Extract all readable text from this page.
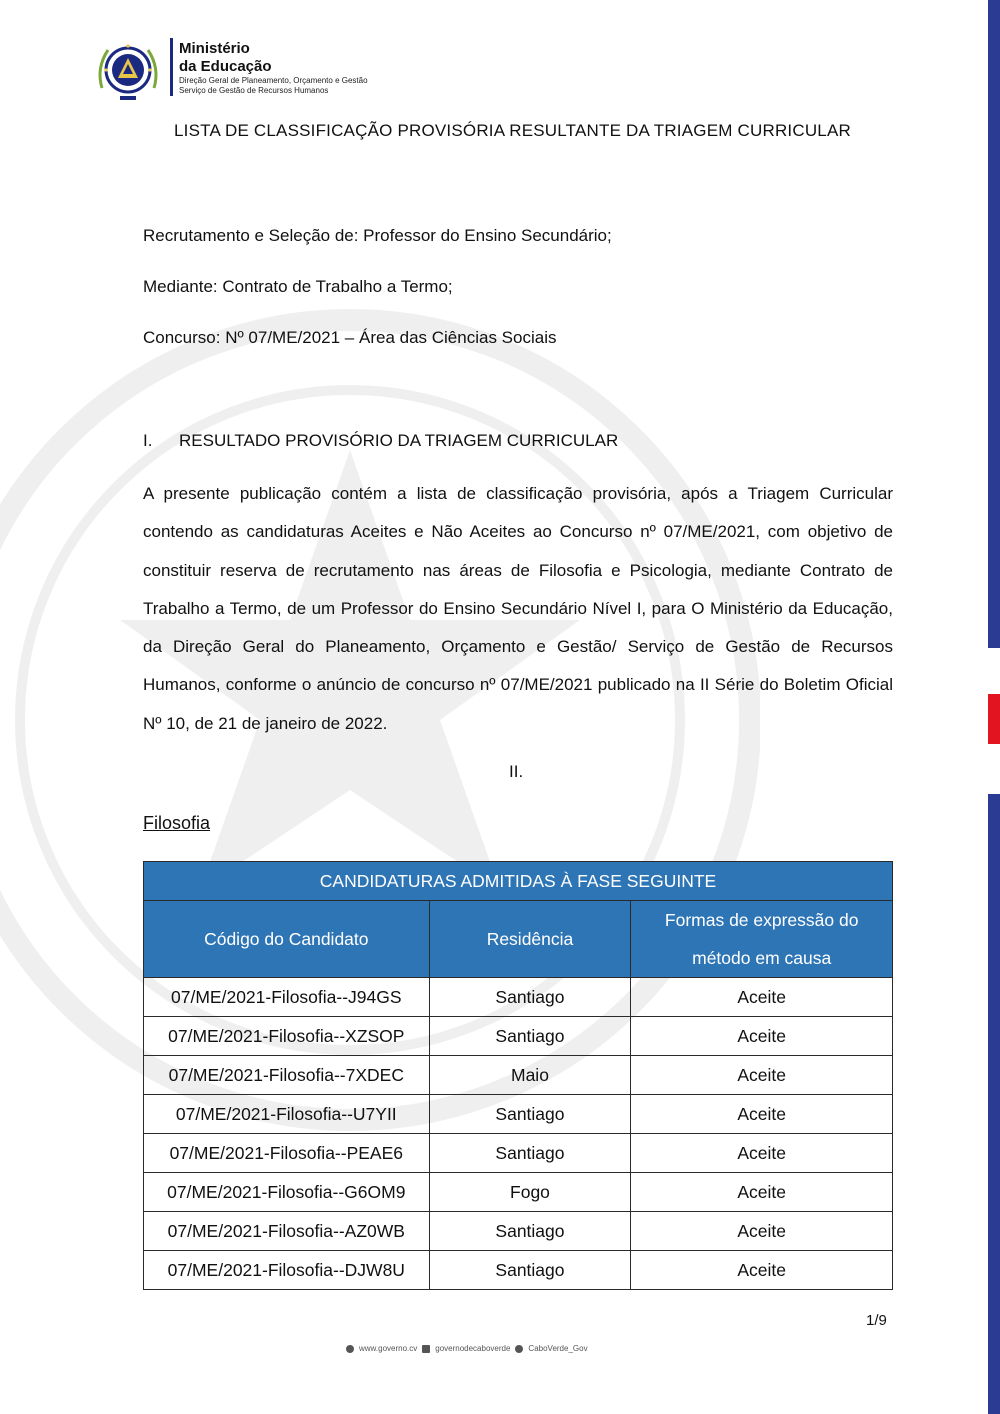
Ministério
da Educação
Direção Geral de Planeamento, Orçamento e Gestão
Serviço de Gestão de Recursos Humanos
LISTA DE CLASSIFICAÇÃO PROVISÓRIA RESULTANTE DA TRIAGEM CURRICULAR
Recrutamento e Seleção de: Professor do Ensino Secundário;
Mediante: Contrato de Trabalho a Termo;
Concurso: Nº 07/ME/2021 – Área das Ciências Sociais
I.	RESULTADO PROVISÓRIO DA TRIAGEM CURRICULAR

A presente publicação contém a lista de classificação provisória, após a Triagem Curricular contendo as candidaturas Aceites e Não Aceites ao Concurso nº 07/ME/2021, com objetivo de constituir reserva de recrutamento nas áreas de Filosofia e Psicologia, mediante Contrato de Trabalho a Termo, de um Professor do Ensino Secundário Nível I, para O Ministério da Educação, da Direção Geral do Planeamento, Orçamento e Gestão/ Serviço de Gestão de Recursos Humanos, conforme o anúncio de concurso nº 07/ME/2021 publicado na II Série do Boletim Oficial Nº 10, de 21 de janeiro de 2022.

II.
Filosofia
CANDIDATURAS ADMITIDAS À FASE SEGUINTE		
Código do Candidato	Residência	Formas de expressão do método em causa
07/ME/2021-Filosofia--J94GS	Santiago	Aceite
07/ME/2021-Filosofia--XZSOP	Santiago	Aceite
07/ME/2021-Filosofia--7XDEC	Maio	Aceite
07/ME/2021-Filosofia--U7YII	Santiago	Aceite
07/ME/2021-Filosofia--PEAE6	Santiago	Aceite
07/ME/2021-Filosofia--G6OM9	Fogo	Aceite
07/ME/2021-Filosofia--AZ0WB	Santiago	Aceite
07/ME/2021-Filosofia--DJW8U	Santiago	Aceite
1/9
www.governo.cv governodecaboverde CaboVerde_Gov
